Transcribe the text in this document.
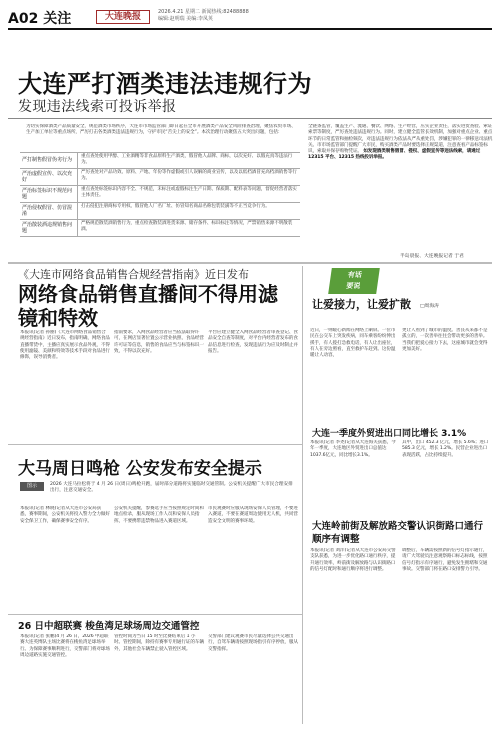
A02 关注	大连晚报	2026.4.21 星期二 新闻热线:82488888
编辑:赵明瑞 美编:李凤英
大连严打酒类违法违规行为
发现违法线索可投诉举报
为切实保障酒类产品质量安全，规范酒类市场秩序，大连市市场监管部门即日起在全市开展酒类产品安全风险排查治理，聚焦农贸市场、生产加工单位等重点场所，严厉打击各类酒类违法违规行为，守护市民“舌尖上的安全”。本次治理行动聚焦五大突出问题，包括：
全链条监管，覆盖生产、流通、餐饮、网络、生产经营，压实企业责任，落实进货查验、索证索票等制度，严厉查处违法违规行为。同时，建立健全监管长效机制，加强对重点企业、重点环节的日常监管和抽检频次，对违法违规行为依法从严从重处罚，涉嫌犯罪的一律移送司法机关。市市场监管部门提醒广大市民，购买酒类产品时要选择正规渠道，注意查看产品标签标识，索取并保存购物凭证。 如发现酒类制售假冒、侵权、虚假宣传等违法线索，请通过 12315 平台、12315 热线投诉举报。
严打制售假冒伪劣行为
重点查处使用甲醇、工业酒精等非食品原料生产酒类，假冒他人品牌、商标，以次充好、以假充真等违法行为。
严治虚假宣传、以次充好
严厉查处对产品功效、原料、产地、年份等作虚假或引人误解的商业宣传，以及以低档酒冒充高档酒销售等行为。
严治标签标识不规范问题
重点查处标签标识内容不全、不规范，未标注或虚假标注生产日期、保质期、配料表等问题，督促经营者落实主体责任。
严治侵权假冒、仿冒混淆
打击侵犯注册商标专用权、假冒他人厂名厂址、仿冒知名商品名称包装装潢等不正当竞争行为。
严治散装酒违规销售问题
严格规范散装酒销售行为，重点检查散装酒进货来源、储存条件、标识标注等情况，严禁销售来源不明散装酒。
半岛晨报、大连晚报记者 于君
《大连市网络食品销售合规经营指南》近日发布
网络食品销售直播间不得用滤镜和特效
本报讯(记者 孙丽)《大连市网络食品销售合规经营指南》近日发布，指南明确，网络食品直播带货中，主播应真实展示食品外观，不得使用滤镜、美颜和特效等技术手段对食品进行修饰，误导消费者。
指南要求，入网食品经营者应当依法取得许可，在网店显著位置公示营业执照、食品经营许可证等信息，销售的食品应当与标签标识一致，不得以次充好。
平台应建立健全入网食品经营者审查登记、食品安全自查等制度，对平台内经营者发布的食品信息进行检查，发现违法行为应及时制止并报告。
有话
要说
让爱接力，让爱扩散 □周海涛
近日，一则暖心新闻在网络上刷屏。一位市民在公交车上突发疾病，同车乘客纷纷伸出援手，有人拨打急救电话，有人让出座位，有人在旁边照看，直至救护车赶到。这份温暖让人动容，
更让人看到了城市的温度。善良从来都不是孤立的，一次善举往往会带动更多的善举。当我们把爱心接力下去，这座城市就会变得更加美好。
大连一季度外贸进出口同比增长 3.1%
本报讯(记者 李尧)记者从大连海关获悉，今年一季度，大连地区外贸进出口总值达1037.6亿元，同比增长3.1%。
其中，出口 452.3 亿元，增长 5.6%；进口 585.3 亿元，增长 1.2%。民营企业进出口表现活跃，占比持续提升。
大连岭前街及解放路交警认识街路口通行顺序有调整
本报讯(记者 刘洋)记者从大连市公安局交警支队获悉，为进一步优化路口通行秩序，提升通行效率，岭前街及解放路与认识街路口的信号灯配时和通行顺序将进行调整。
调整后，车辆需按照新的信号灯指示通行，请广大驾驶员注意观察路口标志标线，按照信号灯指示有序通行，避免发生拥堵和交通事故。交警部门将在路口安排警力引导。
大马周日鸣枪 公安发布安全提示
图示	2026 大连马拉松将于 4 月 26 日(周日)鸣枪开跑，届时部分道路将实施临时交通管制。公安机关提醒广大市民合理安排出行，注意交通安全。
本报讯(记者 林晓)记者从大连市公安局获悉，赛事期间，公安机关将投入警力全力做好安全保卫工作，确保赛事安全有序。
公安机关提醒，参赛选手应当按照规定时间和地点检录，服从现场工作人员和安保人员指挥，不要携带违禁物品进入赛道区域。
市民观赛时应服从现场安保人员管理，不要进入赛道，不要在赛道周边使用无人机，共同营造安全文明的赛事环境。
26 日中超联赛 梭鱼湾足球场周边交通管控
本报讯(记者 张鹏)4 月 26 日，2026 中超联赛大连英博队主场比赛将在梭鱼湾足球场举行。为保障赛事顺利进行，交警部门将对球场周边道路实施交通管控。
管控时间为当日 15 时至比赛结束后 1 小时。管控期间，除持有赛事专用通行证的车辆外，其他社会车辆禁止驶入管控区域。
交警部门建议观赛市民尽量选择公共交通出行，自驾车辆请按照现场指引有序停放，服从交警指挥。
